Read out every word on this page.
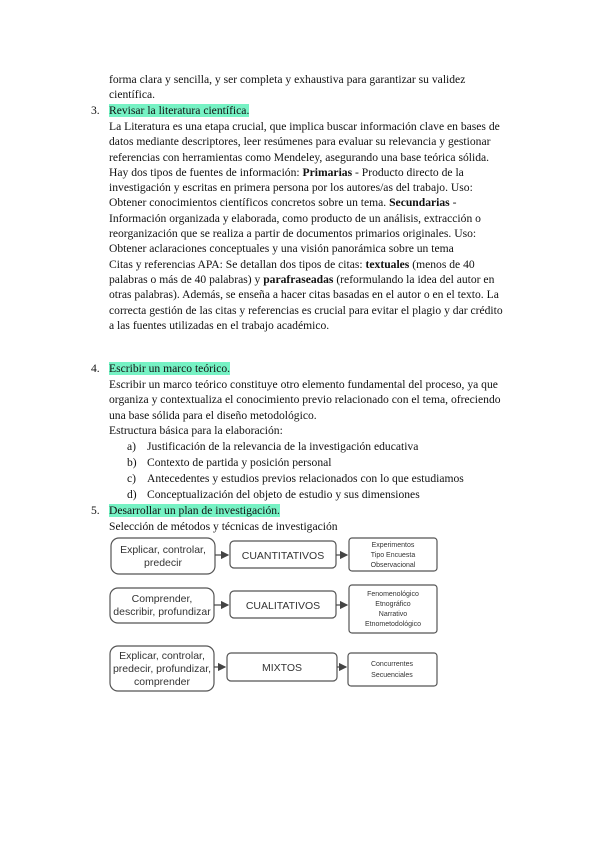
forma clara y sencilla, y ser completa y exhaustiva para garantizar su validez
científica.
3. Revisar la literatura científica.
La Literatura es una etapa crucial, que implica buscar información clave en bases de
datos mediante descriptores, leer resúmenes para evaluar su relevancia y gestionar
referencias con herramientas como Mendeley, asegurando una base teórica sólida.
Hay dos tipos de fuentes de información: Primarias - Producto directo de la
investigación y escritas en primera persona por los autores/as del trabajo. Uso:
Obtener conocimientos científicos concretos sobre un tema. Secundarias -
Información organizada y elaborada, como producto de un análisis, extracción o
reorganización que se realiza a partir de documentos primarios originales. Uso:
Obtener aclaraciones conceptuales y una visión panorámica sobre un tema
Citas y referencias APA: Se detallan dos tipos de citas: textuales (menos de 40
palabras o más de 40 palabras) y parafraseadas (reformulando la idea del autor en
otras palabras). Además, se enseña a hacer citas basadas en el autor o en el texto. La
correcta gestión de las citas y referencias es crucial para evitar el plagio y dar crédito
a las fuentes utilizadas en el trabajo académico.
4. Escribir un marco teórico.
Escribir un marco teórico constituye otro elemento fundamental del proceso, ya que
organiza y contextualiza el conocimiento previo relacionado con el tema, ofreciendo
una base sólida para el diseño metodológico.
Estructura básica para la elaboración:
a) Justificación de la relevancia de la investigación educativa
b) Contexto de partida y posición personal
c) Antecedentes y estudios previos relacionados con lo que estudiamos
d) Conceptualización del objeto de estudio y sus dimensiones
5. Desarrollar un plan de investigación.
Selección de métodos y técnicas de investigación
Explicar, controlar,
predecir
CUANTITATIVOS
Experimentos
Tipo Encuesta
Observacional
Comprender,
describir, profundizar	CUALITATIVOS
Fenomenológico
Etnográfico
Narrativo
Etnometodológico
Explicar, controlar,
predecir, profundizar,
comprender
MIXTOS	Concurrentes
Secuenciales
